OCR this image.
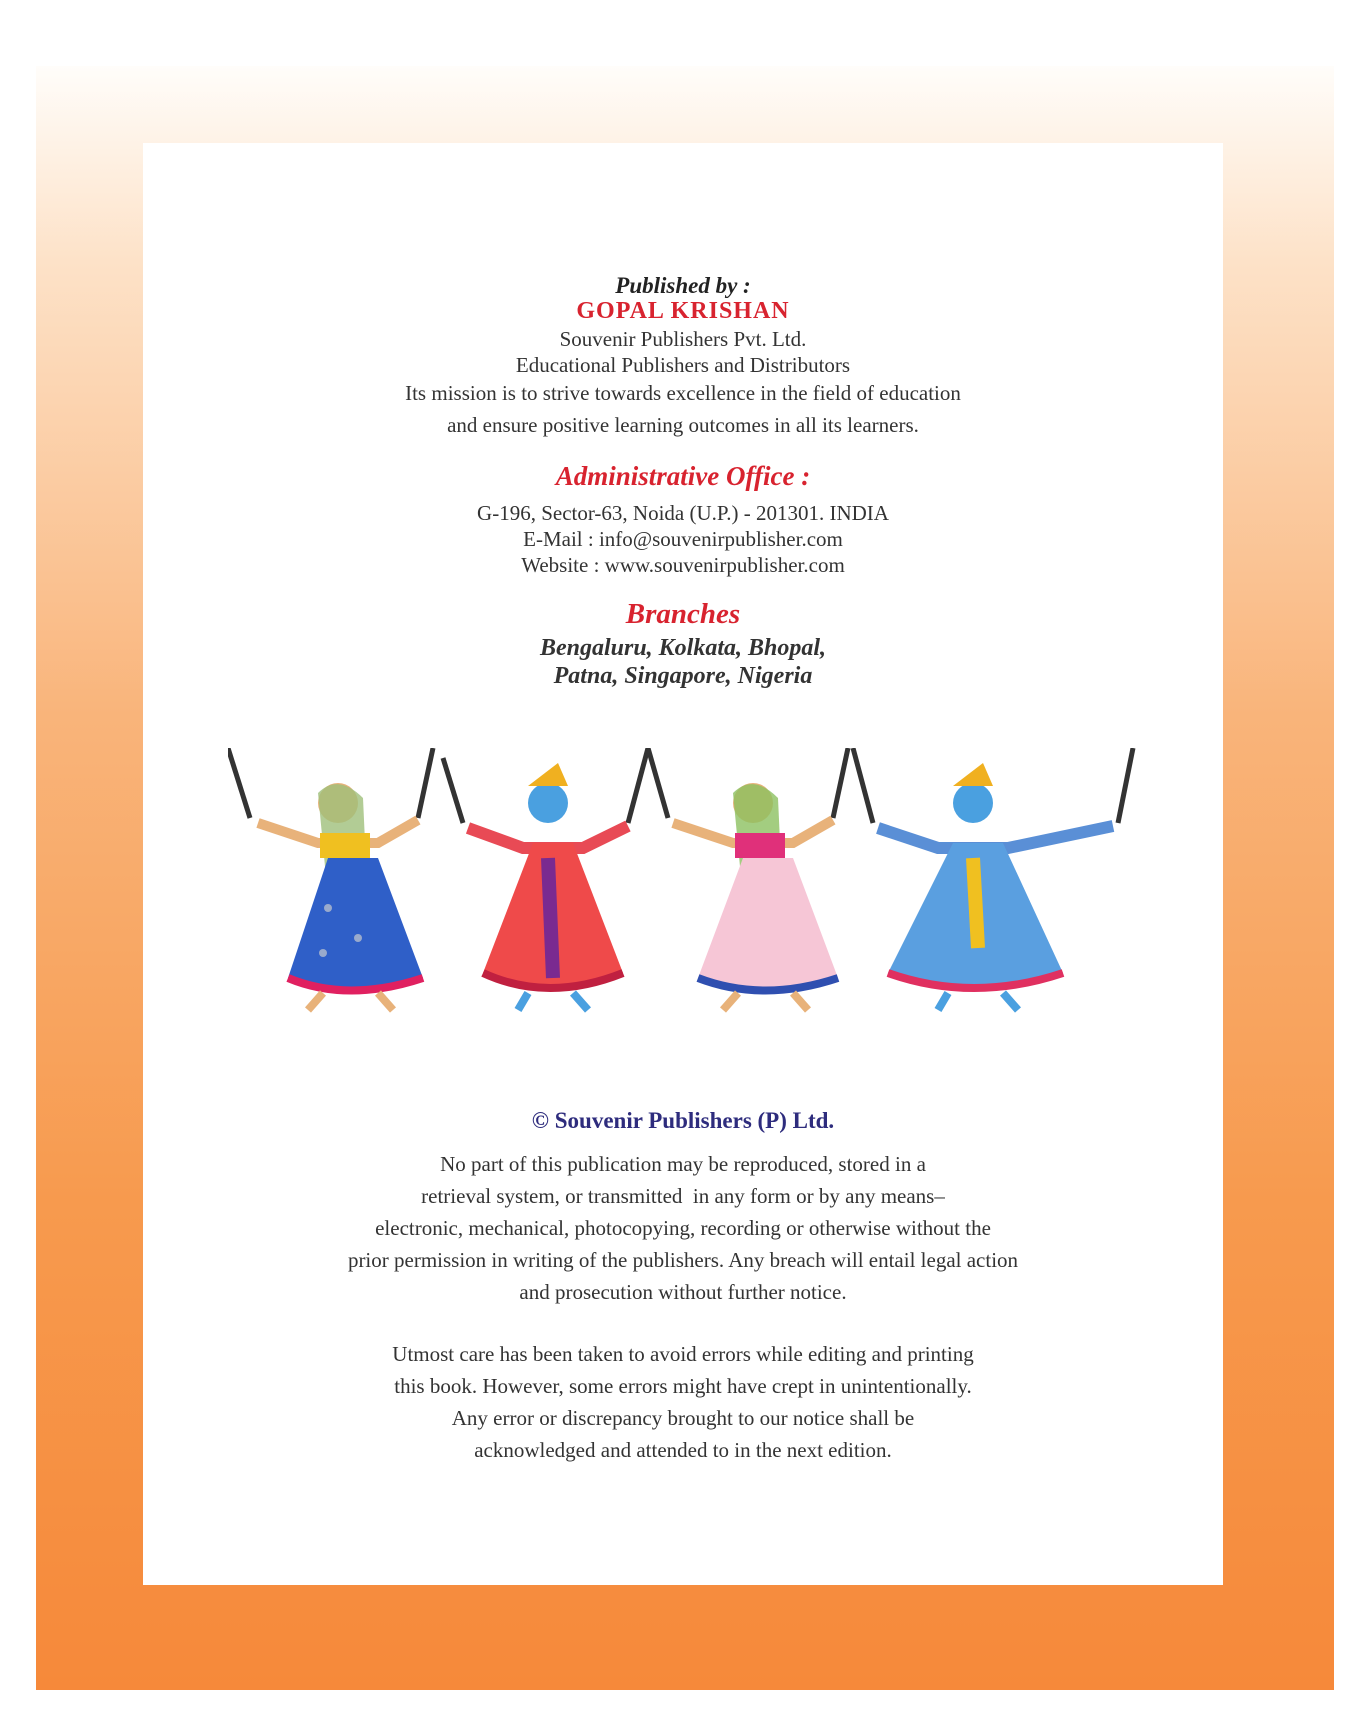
Published by :
GOPAL KRISHAN
Souvenir Publishers Pvt. Ltd.
Educational Publishers and Distributors
Its mission is to strive towards excellence in the field of education
and ensure positive learning outcomes in all its learners.
Administrative Office :
G-196, Sector-63, Noida (U.P.) - 201301. INDIA
E-Mail : info@souvenirpublisher.com
Website : www.souvenirpublisher.com
Branches
Bengaluru, Kolkata, Bhopal,
Patna, Singapore, Nigeria
© Souvenir Publishers (P) Ltd.
No part of this publication may be reproduced, stored in a
retrieval system, or transmitted  in any form or by any means–
electronic, mechanical, photocopying, recording or otherwise without the
prior permission in writing of the publishers. Any breach will entail legal action
and prosecution without further notice.
Utmost care has been taken to avoid errors while editing and printing
this book. However, some errors might have crept in unintentionally.
Any error or discrepancy brought to our notice shall be
acknowledged and attended to in the next edition.
